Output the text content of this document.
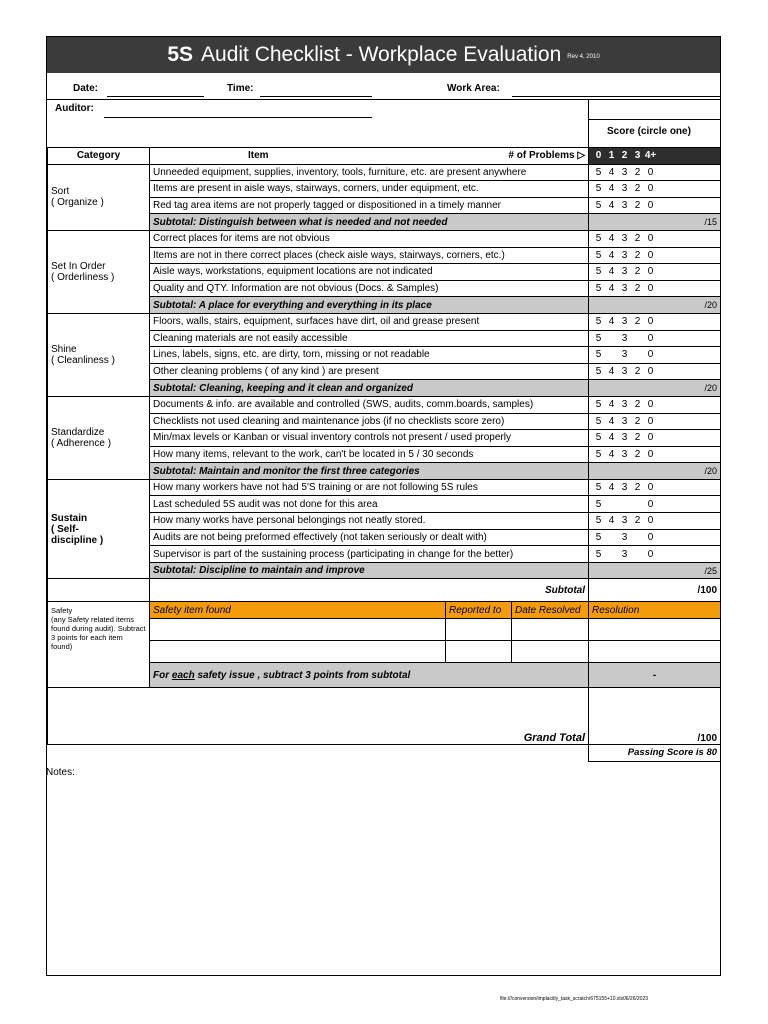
5S Audit Checklist - Workplace Evaluation Rev 4, 2010
Date:	Time:	Work Area:
Auditor:
Score (circle one)
Category	Item # of Problems ▷			0 1 2 3 4+
Sort
( Organize )	Unneeded equipment, supplies, inventory, tools, furniture, etc. are present anywhere			5 4 3 2 0
	Items are present in aisle ways, stairways, corners, under equipment, etc.			5 4 3 2 0
	Red tag area items are not properly tagged or dispositioned in a timely manner			5 4 3 2 0
	Subtotal: Distinguish between what is needed and not needed			/15
Set In Order
( Orderliness )	Correct places for items are not obvious			5 4 3 2 0
	Items are not in there correct places (check aisle ways, stairways, corners, etc.)			5 4 3 2 0
	Aisle ways, workstations, equipment locations are not indicated			5 4 3 2 0
	Quality and QTY. Information are not obvious (Docs. & Samples)			5 4 3 2 0
	Subtotal: A place for everything and everything in its place			/20
Shine
( Cleanliness )	Floors, walls, stairs, equipment, surfaces have dirt, oil and grease present			5 4 3 2 0
	Cleaning materials are not easily accessible			5 3 0
	Lines, labels, signs, etc. are dirty, torn, missing or not readable			5 3 0
	Other cleaning problems ( of any kind ) are present			5 4 3 2 0
	Subtotal: Cleaning, keeping and it clean and organized			/20
Standardize
( Adherence )	Documents & info. are available and controlled (SWS, audits, comm.boards, samples)			5 4 3 2 0
	Checklists not used cleaning and maintenance jobs (if no checklists score zero)			5 4 3 2 0
	Min/max levels or Kanban or visual inventory controls not present / used properly			5 4 3 2 0
	How many items, relevant to the work, can't be located in 5 / 30 seconds			5 4 3 2 0
	Subtotal: Maintain and monitor the first three categories			/20
Sustain
( Self-
discipline )	How many workers have not had 5'S training or are not following 5S rules			5 4 3 2 0
	Last scheduled 5S audit was not done for this area			5 0
	How many works have personal belongings not neatly stored.			5 4 3 2 0
	Audits are not being preformed effectively (not taken seriously or dealt with)			5 3 0
	Supervisor is part of the sustaining process (participating in change for the better)			5 3 0
	Subtotal: Discipline to maintain and improve			/25
	Subtotal			/100
Safety
(any Safety related items found during audit). Subtract 3 points for each item found)	Safety item found	Reported to	Date Resolved	Resolution

	For each safety issue , subtract 3 points from subtotal			-
Grand Total				/100
				Passing Score is 80
Notes:
file:///conversion/implacitly_task_scratch/675155+10.xls06/26/2023
